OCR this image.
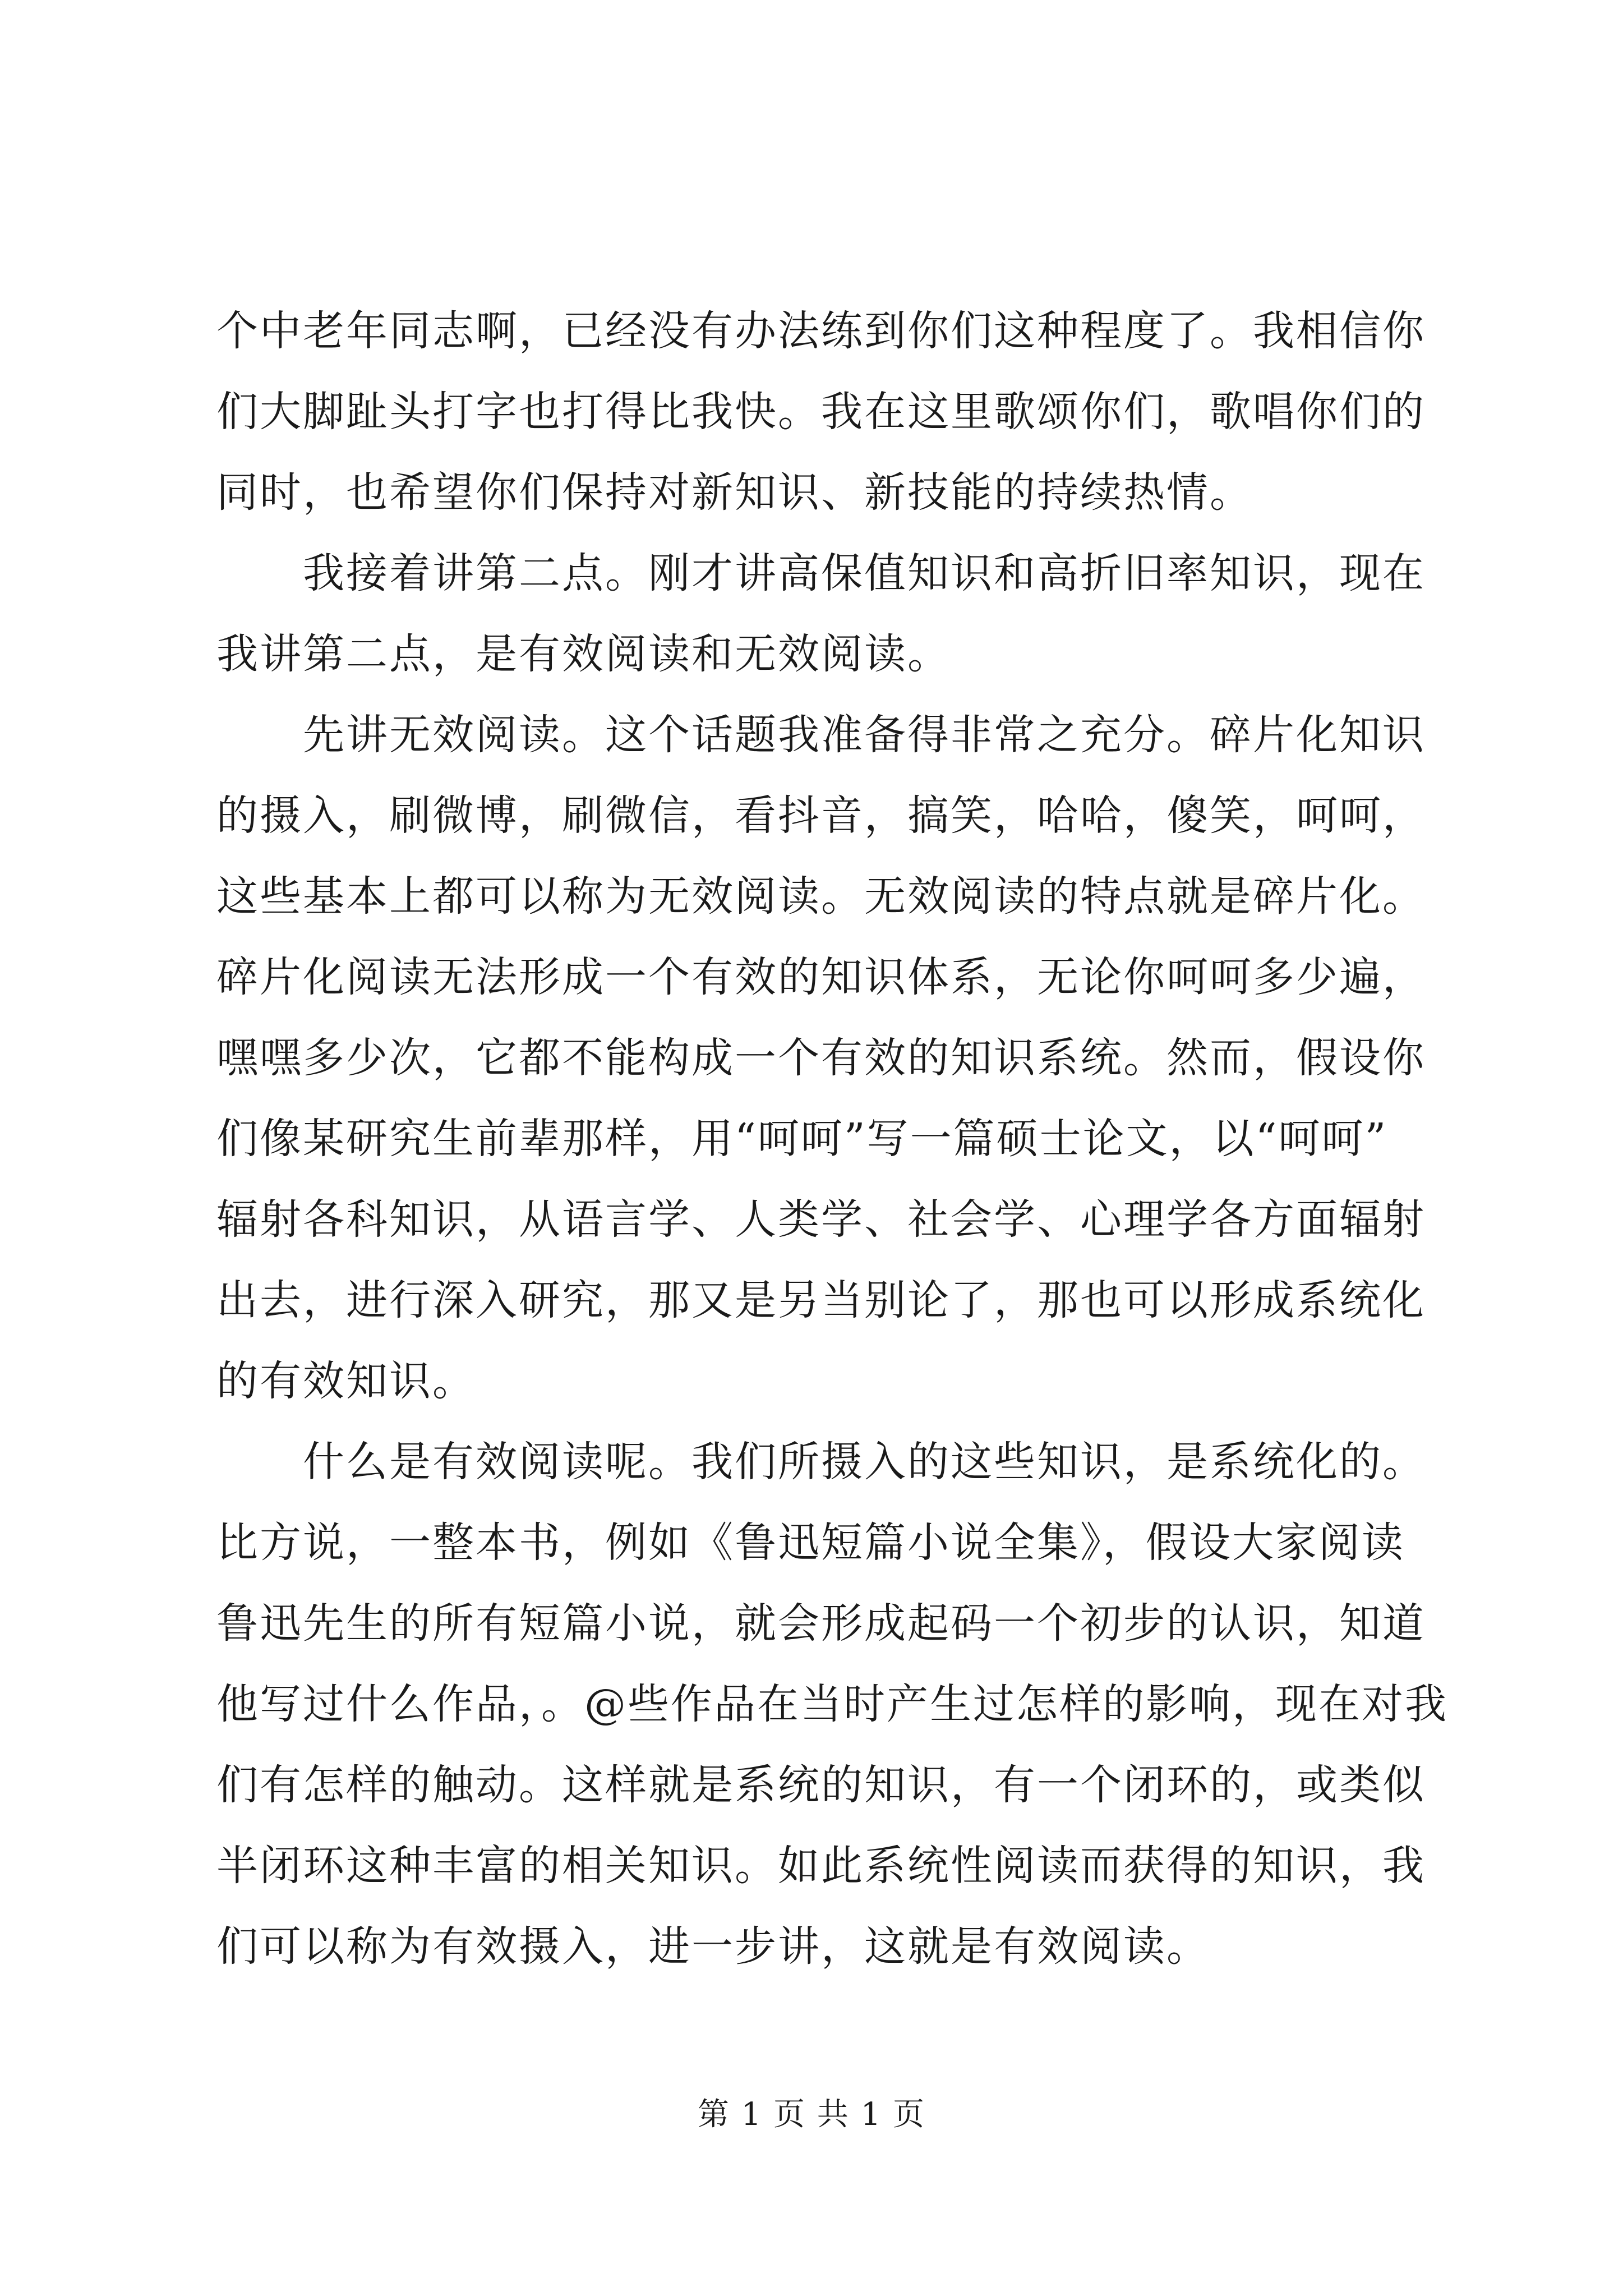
个中老年同志啊，已经没有办法练到你们这种程度了。我相信你
们大脚趾头打字也打得比我快。我在这里歌颂你们，歌唱你们的
同时，也希望你们保持对新知识、新技能的持续热情。
　　我接着讲第二点。刚才讲高保值知识和高折旧率知识，现在
我讲第二点，是有效阅读和无效阅读。
　　先讲无效阅读。这个话题我准备得非常之充分。碎片化知识
的摄入，刷微博，刷微信，看抖音，搞笑，哈哈，傻笑，呵呵，
这些基本上都可以称为无效阅读。无效阅读的特点就是碎片化。
碎片化阅读无法形成一个有效的知识体系，无论你呵呵多少遍，
嘿嘿多少次，它都不能构成一个有效的知识系统。然而，假设你
们像某研究生前辈那样，用“呵呵”写一篇硕士论文，以“呵呵”
辐射各科知识，从语言学、人类学、社会学、心理学各方面辐射
出去，进行深入研究，那又是另当别论了，那也可以形成系统化
的有效知识。
　　什么是有效阅读呢。我们所摄入的这些知识，是系统化的。
比方说，一整本书，例如《鲁迅短篇小说全集》，假设大家阅读
鲁迅先生的所有短篇小说，就会形成起码一个初步的认识，知道
他写过什么作品，。@些作品在当时产生过怎样的影响，现在对我
们有怎样的触动。这样就是系统的知识，有一个闭环的，或类似
半闭环这种丰富的相关知识。如此系统性阅读而获得的知识，我
们可以称为有效摄入，进一步讲，这就是有效阅读。
第 1 页 共 1 页
